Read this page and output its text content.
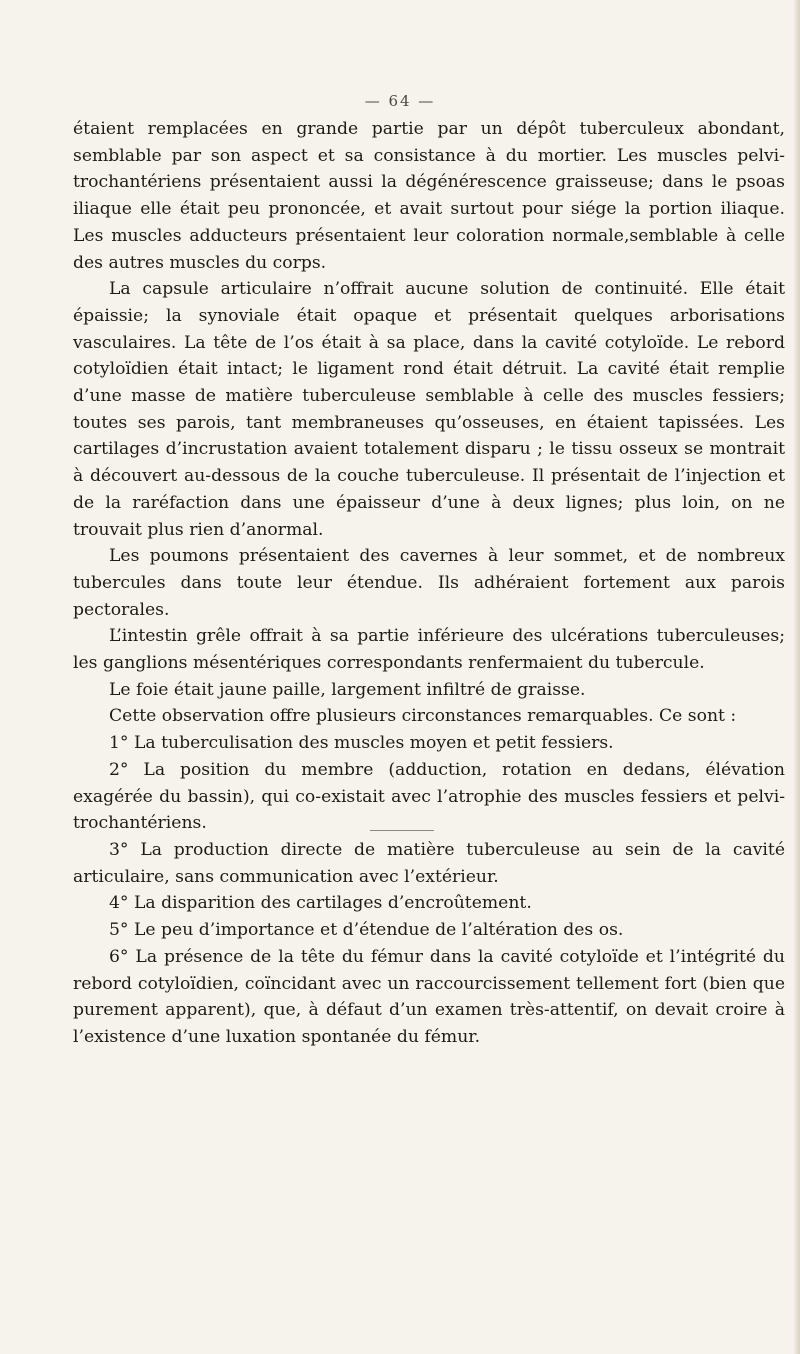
— 64 —

étaient remplacées en grande partie par un dépôt tuberculeux abondant, semblable par son aspect et sa consistance à du mortier. Les muscles pelvi-trochantériens présentaient aussi la dégénérescence graisseuse; dans le psoas iliaque elle était peu prononcée, et avait surtout pour siége la portion iliaque. Les muscles adducteurs présentaient leur coloration normale,semblable à celle des autres muscles du corps.

La capsule articulaire n’offrait aucune solution de continuité. Elle était épaissie; la synoviale était opaque et présentait quelques arborisations vasculaires. La tête de l’os était à sa place, dans la cavité cotyloïde. Le rebord cotyloïdien était intact; le ligament rond était détruit. La cavité était remplie d’une masse de matière tuberculeuse semblable à celle des muscles fessiers; toutes ses parois, tant membraneuses qu’osseuses, en étaient tapissées. Les cartilages d’incrustation avaient totalement disparu ; le tissu osseux se montrait à découvert au-dessous de la couche tuberculeuse. Il présentait de l’injection et de la raréfaction dans une épaisseur d’une à deux lignes; plus loin, on ne trouvait plus rien d’anormal.

Les poumons présentaient des cavernes à leur sommet, et de nombreux tubercules dans toute leur étendue. Ils adhéraient fortement aux parois pectorales.

L’intestin grêle offrait à sa partie inférieure des ulcérations tuberculeuses; les ganglions mésentériques correspondants renfermaient du tubercule.

Le foie était jaune paille, largement infiltré de graisse.

Cette observation offre plusieurs circonstances remarquables. Ce sont :

1° La tuberculisation des muscles moyen et petit fessiers.

2° La position du membre (adduction, rotation en dedans, élévation exagérée du bassin), qui co-existait avec l’atrophie des muscles fessiers et pelvi-trochantériens.

3° La production directe de matière tuberculeuse au sein de la cavité articulaire, sans communication avec l’extérieur.

4° La disparition des cartilages d’encroûtement.

5° Le peu d’importance et d’étendue de l’altération des os.

6° La présence de la tête du fémur dans la cavité cotyloïde et l’intégrité du rebord cotyloïdien, coïncidant avec un raccourcissement tellement fort (bien que purement apparent), que, à défaut d’un examen très-attentif, on devait croire à l’existence d’une luxation spontanée du fémur.
